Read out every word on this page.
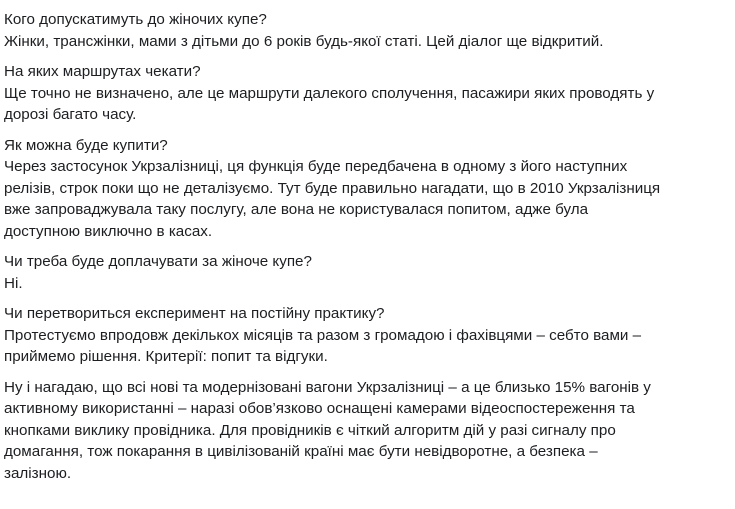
Кого допускатимуть до жіночих купе?
Жінки, трансжінки, мами з дітьми до 6 років будь-якої статі. Цей діалог ще відкритий.
На яких маршрутах чекати?
Ще точно не визначено, але це маршрути далекого сполучення, пасажири яких проводять у
дорозі багато часу.
Як можна буде купити?
Через застосунок Укрзалізниці, ця функція буде передбачена в одному з його наступних
релізів, строк поки що не деталізуємо. Тут буде правильно нагадати, що в 2010 Укрзалізниця
вже запроваджувала таку послугу, але вона не користувалася попитом, адже була
доступною виключно в касах.
Чи треба буде доплачувати за жіноче купе?
Ні.
Чи перетвориться експеримент на постійну практику?
Протестуємо впродовж декількох місяців та разом з громадою і фахівцями – себто вами –
приймемо рішення. Критерії: попит та відгуки.
Ну і нагадаю, що всі нові та модернізовані вагони Укрзалізниці – а це близько 15% вагонів у
активному використанні – наразі обов’язково оснащені камерами відеоспостереження та
кнопками виклику провідника. Для провідників є чіткий алгоритм дій у разі сигналу про
домагання, тож покарання в цивілізованій країні має бути невідворотне, а безпека –
залізною.
